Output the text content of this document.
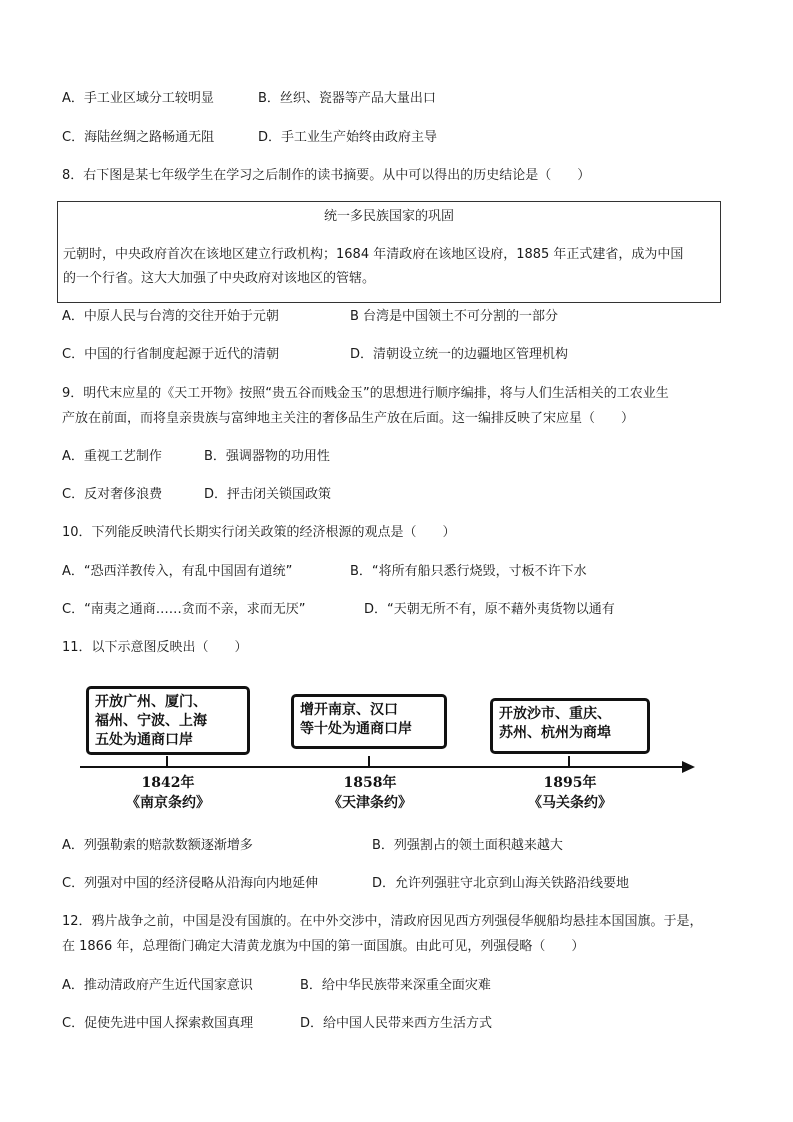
A．手工业区域分工较明显	B．丝织、瓷器等产品大量出口
C．海陆丝绸之路畅通无阻	D．手工业生产始终由政府主导
8．右下图是某七年级学生在学习之后制作的读书摘要。从中可以得出的历史结论是（　　）
统一多民族国家的巩固
元朝时，中央政府首次在该地区建立行政机构；1684 年清政府在该地区设府，1885 年正式建省，成为中国
的一个行省。这大大加强了中央政府对该地区的管辖。
A．中原人民与台湾的交往开始于元朝	B 台湾是中国领土不可分割的一部分
C．中国的行省制度起源于近代的清朝	D．清朝设立统一的边疆地区管理机构
9．明代末应星的《天工开物》按照“贵五谷而贱金玉”的思想进行顺序编排，将与人们生活相关的工农业生
产放在前面，而将皇亲贵族与富绅地主关注的奢侈品生产放在后面。这一编排反映了宋应星（　　）
A．重视工艺制作	B．强调器物的功用性
C．反对奢侈浪费	D．抨击闭关锁国政策
10．下列能反映清代长期实行闭关政策的经济根源的观点是（　　）
A．“恐西洋教传入，有乱中国固有道统”	B．“将所有船只悉行烧毁，寸板不许下水
C．“南夷之通商……贪而不亲，求而无厌”	D．“天朝无所不有，原不藉外夷货物以通有
11．以下示意图反映出（　　）
开放广州、厦门、
福州、宁波、上海
五处为通商口岸
增开南京、汉口
等十处为通商口岸
开放沙市、重庆、
苏州、杭州为商埠
1842年
《南京条约》
1858年
《天津条约》
1895年
《马关条约》
A．列强勒索的赔款数额逐渐增多	B．列强割占的领土面积越来越大
C．列强对中国的经济侵略从沿海向内地延伸	D．允许列强驻守北京到山海关铁路沿线要地
12．鸦片战争之前，中国是没有国旗的。在中外交涉中，清政府因见西方列强侵华舰船均悬挂本国国旗。于是，
在 1866 年，总理衙门确定大清黄龙旗为中国的第一面国旗。由此可见，列强侵略（　　）
A．推动清政府产生近代国家意识	B．给中华民族带来深重全面灾难
C．促使先进中国人探索救国真理	D．给中国人民带来西方生活方式
